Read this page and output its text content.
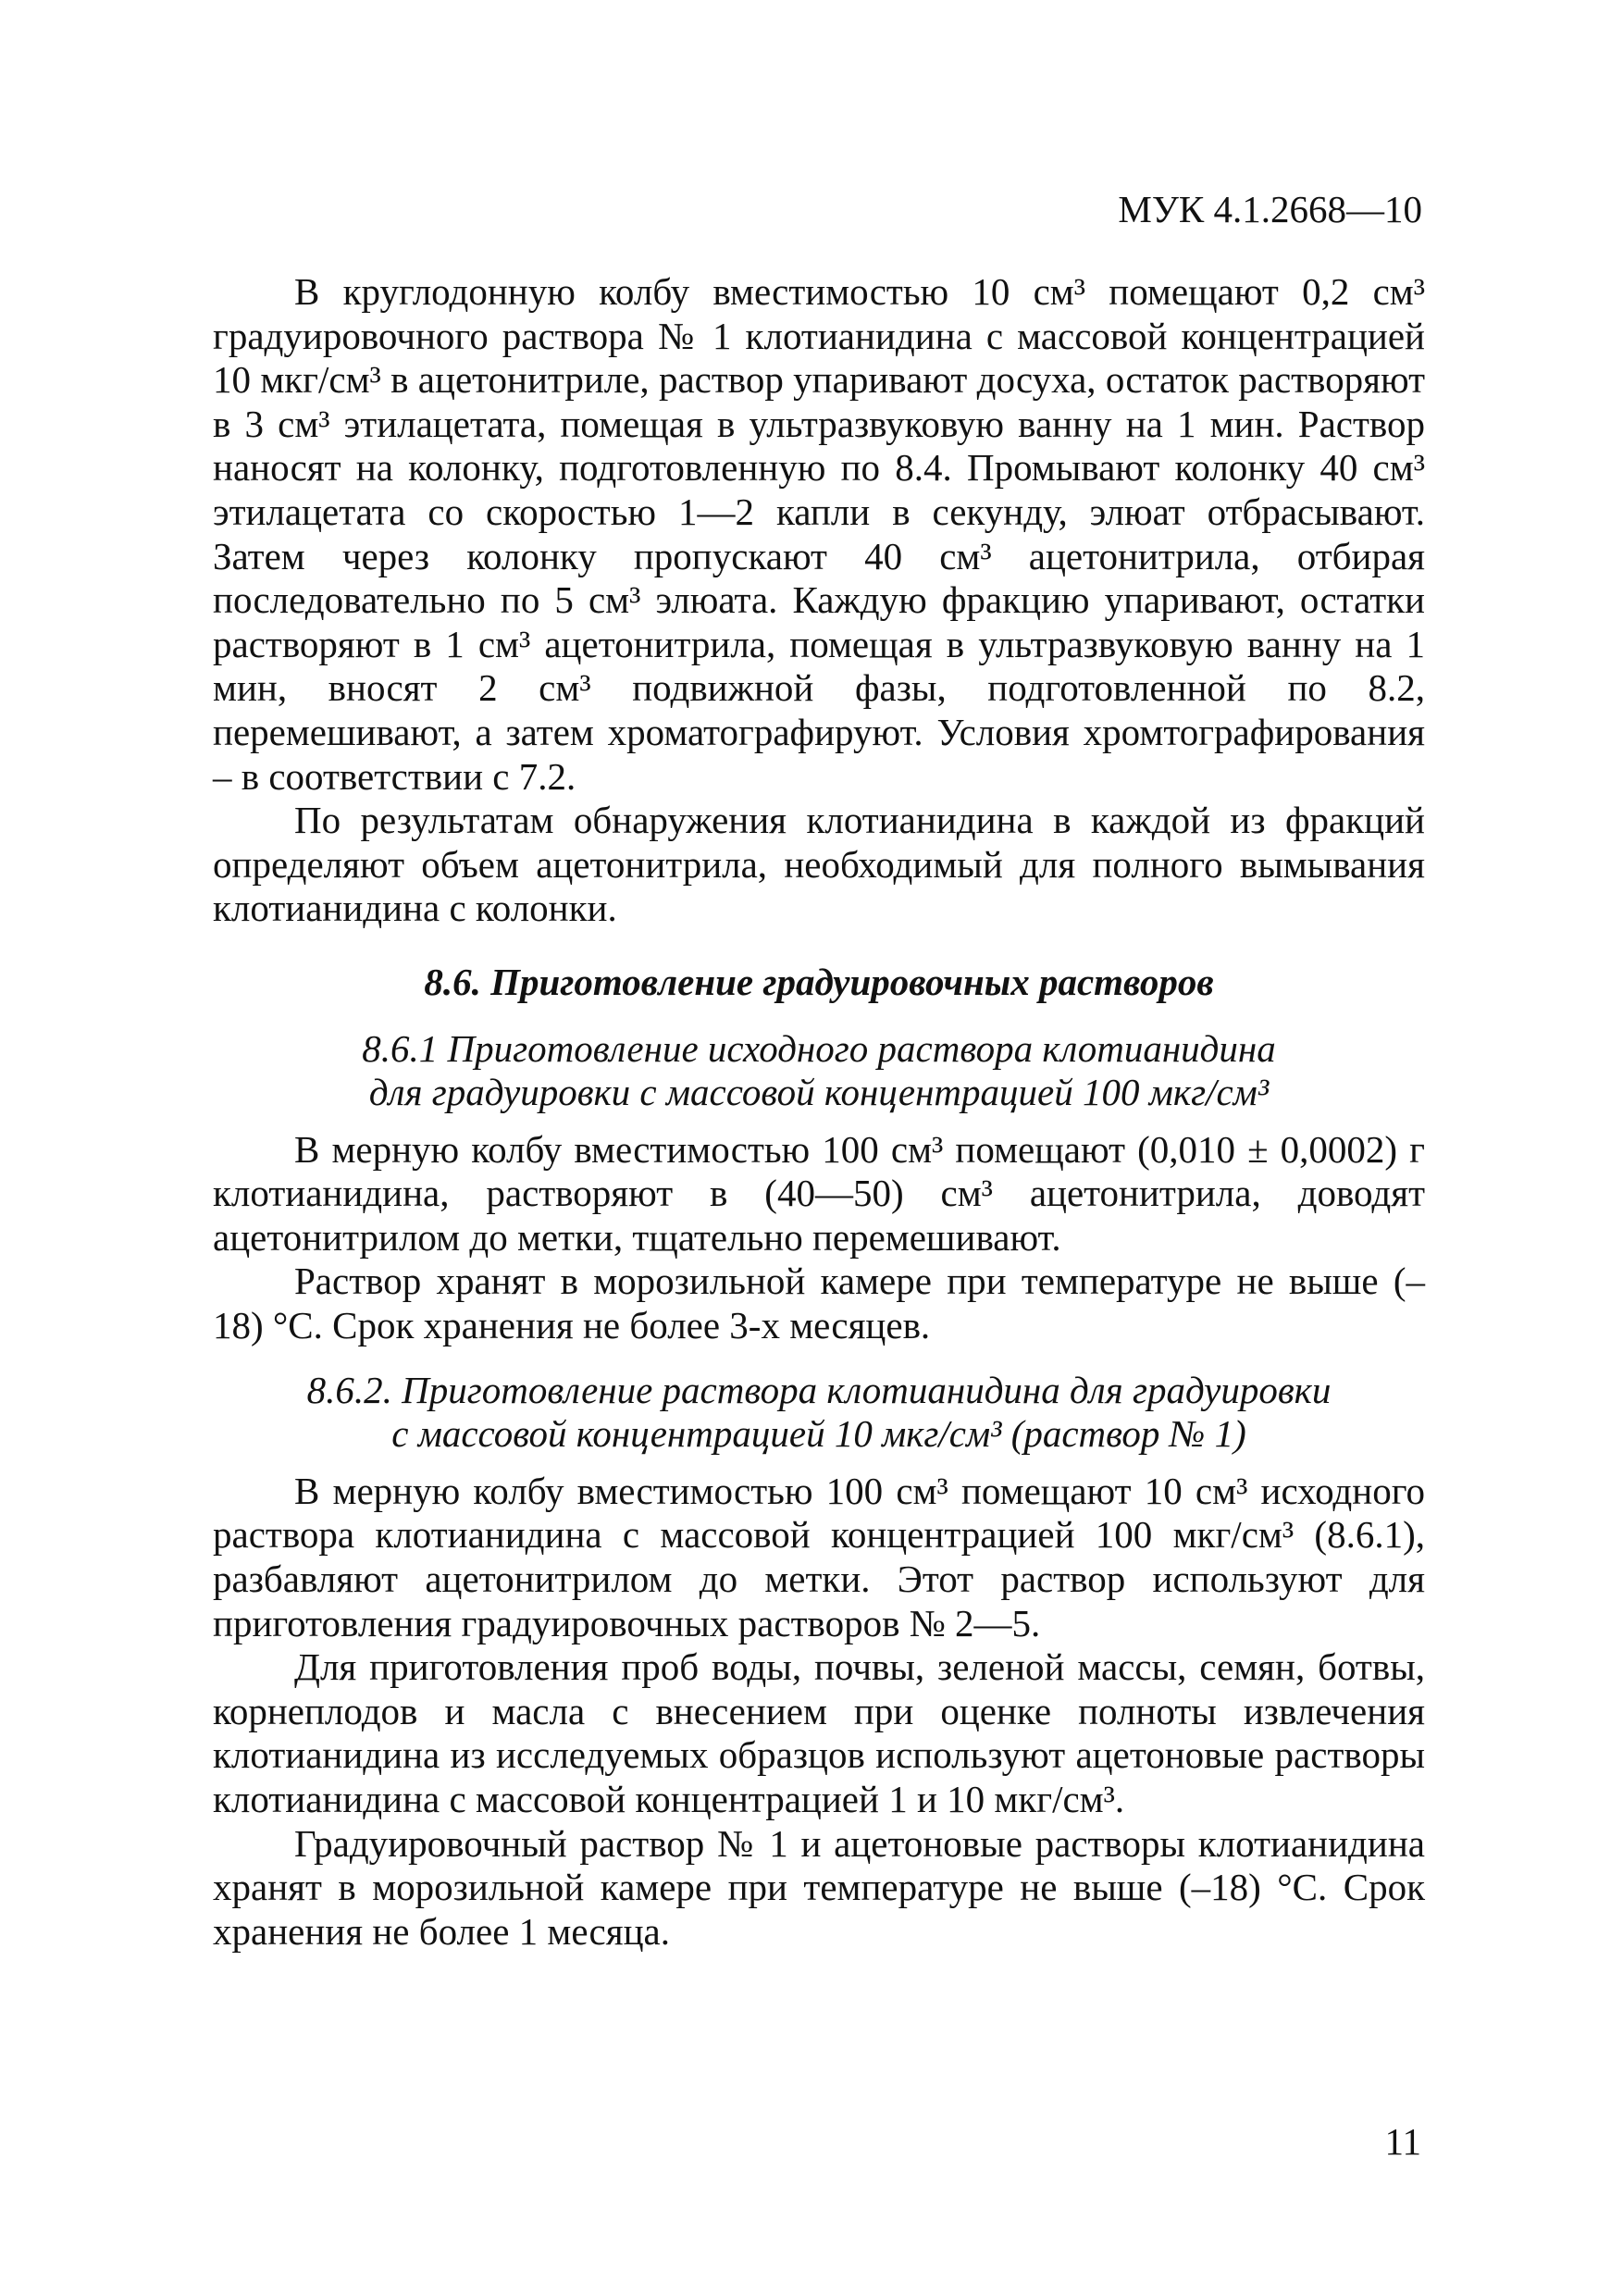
МУК 4.1.2668—10

В круглодонную колбу вместимостью 10 см³ помещают 0,2 см³ градуировочного раствора № 1 клотианидина с массовой концентрацией 10 мкг/см³ в ацетонитриле, раствор упаривают досуха, остаток растворяют в 3 см³ этилацетата, помещая в ультразвуковую ванну на 1 мин. Раствор наносят на колонку, подготовленную по 8.4. Промывают колонку 40 см³ этилацетата со скоростью 1—2 капли в секунду, элюат отбрасывают. Затем через колонку пропускают 40 см³ ацетонитрила, отбирая последовательно по 5 см³ элюата. Каждую фракцию упаривают, остатки растворяют в 1 см³ ацетонитрила, помещая в ультразвуковую ванну на 1 мин, вносят 2 см³ подвижной фазы, подготовленной по 8.2, перемешивают, а затем хроматографируют. Условия хромтографирования – в соответствии с 7.2.

По результатам обнаружения клотианидина в каждой из фракций определяют объем ацетонитрила, необходимый для полного вымывания клотианидина с колонки.

8.6. Приготовление градуировочных растворов
8.6.1 Приготовление исходного раствора клотианидина
для градуировки с массовой концентрацией 100 мкг/см³

В мерную колбу вместимостью 100 см³ помещают (0,010 ± 0,0002) г клотианидина, растворяют в (40—50) см³ ацетонитрила, доводят ацетонитрилом до метки, тщательно перемешивают.

Раствор хранят в морозильной камере при температуре не выше (–18) °С. Срок хранения не более 3-х месяцев.

8.6.2. Приготовление раствора клотианидина для градуировки
с массовой концентрацией 10 мкг/см³ (раствор № 1)

В мерную колбу вместимостью 100 см³ помещают 10 см³ исходного раствора клотианидина с массовой концентрацией 100 мкг/см³ (8.6.1), разбавляют ацетонитрилом до метки. Этот раствор используют для приготовления градуировочных растворов № 2—5.

Для приготовления проб воды, почвы, зеленой массы, семян, ботвы, корнеплодов и масла с внесением при оценке полноты извлечения клотианидина из исследуемых образцов используют ацетоновые растворы клотианидина с массовой концентрацией 1 и 10 мкг/см³.

Градуировочный раствор № 1 и ацетоновые растворы клотианидина хранят в морозильной камере при температуре не выше (–18) °С. Срок хранения не более 1 месяца.

11
